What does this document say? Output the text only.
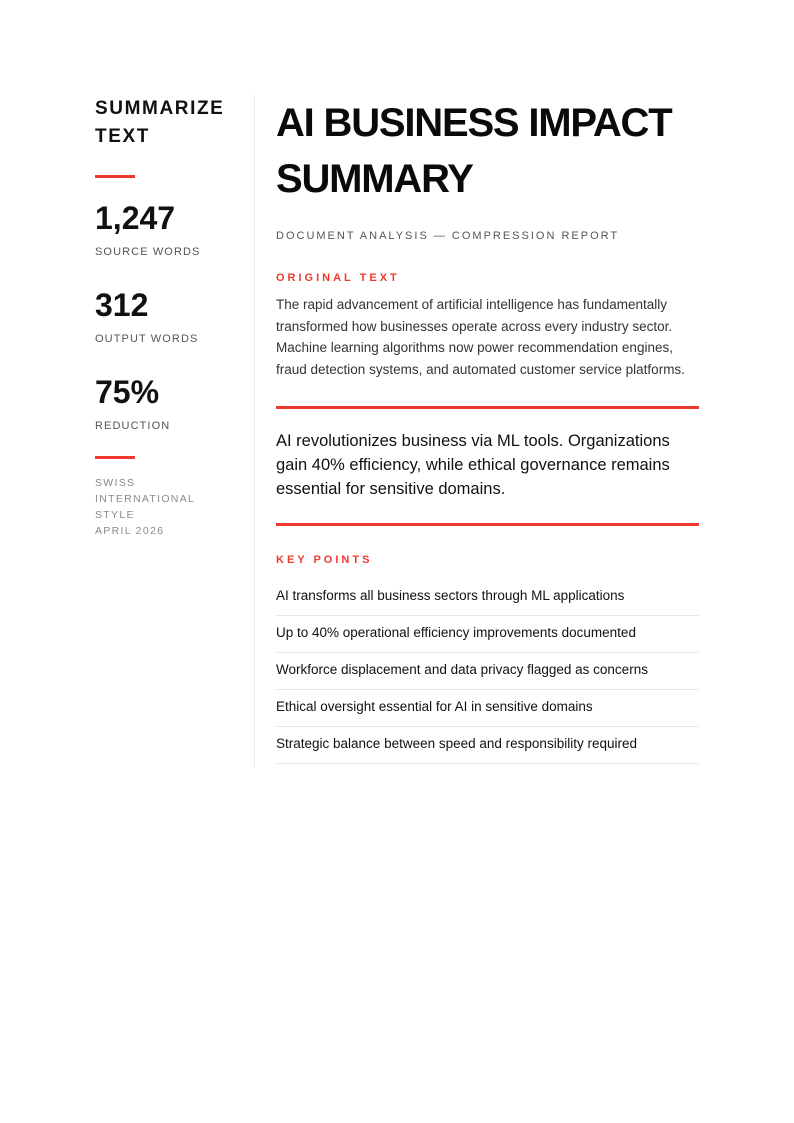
SUMMARIZE
TEXT
1,247
SOURCE WORDS
312
OUTPUT WORDS
75%
REDUCTION
SWISS
INTERNATIONAL
STYLE
APRIL 2026
AI BUSINESS IMPACT
SUMMARY
DOCUMENT ANALYSIS — COMPRESSION REPORT
ORIGINAL TEXT

The rapid advancement of artificial intelligence has fundamentally transformed how businesses operate across every industry sector. Machine learning algorithms now power recommendation engines, fraud detection systems, and automated customer service platforms.

AI revolutionizes business via ML tools. Organizations gain 40% efficiency, while ethical governance remains essential for sensitive domains.

KEY POINTS
AI transforms all business sectors through ML applications
Up to 40% operational efficiency improvements documented
Workforce displacement and data privacy flagged as concerns
Ethical oversight essential for AI in sensitive domains
Strategic balance between speed and responsibility required
